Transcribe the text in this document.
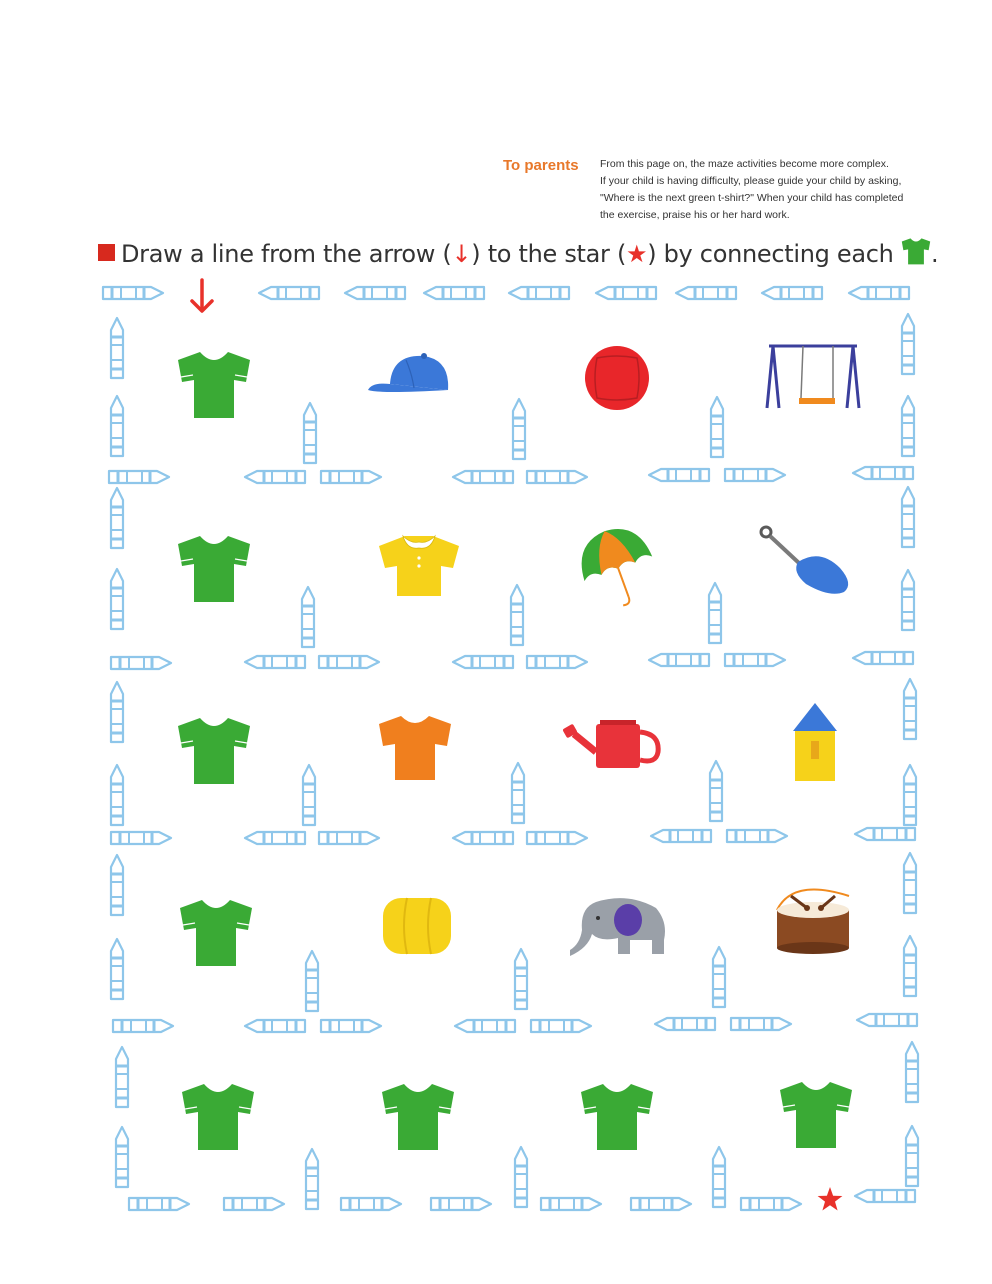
To parents From this page on, the maze activities become more complex.
If your child is having difficulty, please guide your child by asking,
"Where is the next green t-shirt?" When your child has completed
the exercise, praise his or her hard work.
Draw a line from the arrow (↓) to the star (★) by connecting each .
